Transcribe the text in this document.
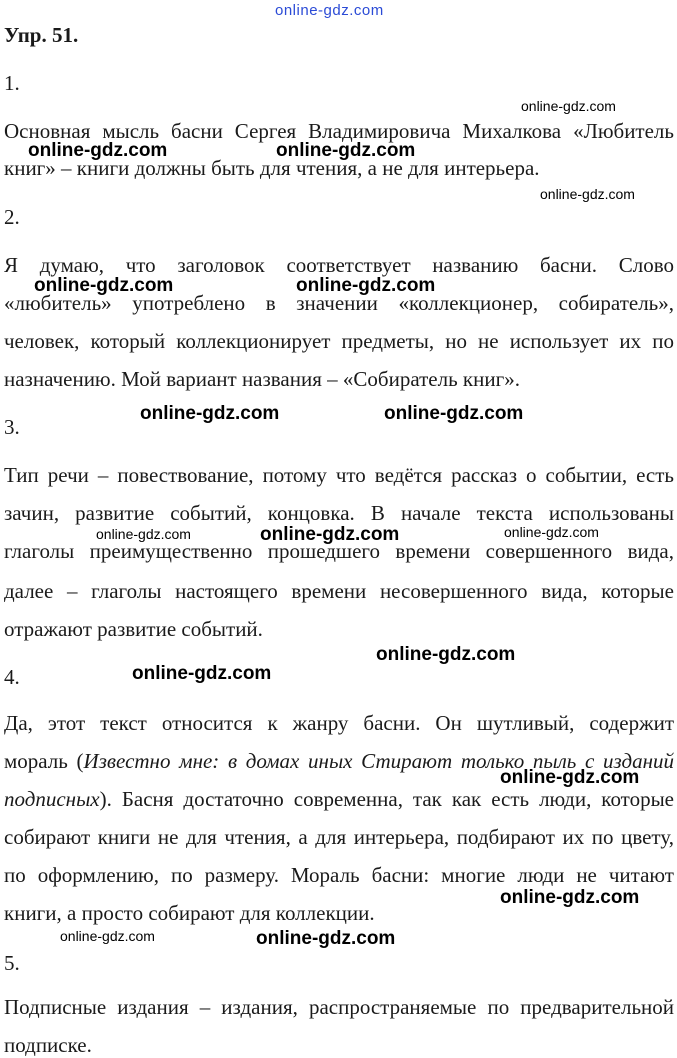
online-gdz.com
Упр. 51.
1.
Основная мысль басни Сергея Владимировича Михалкова «Любитель
книг» – книги должны быть для чтения, а не для интерьера.
2.
Я думаю, что заголовок соответствует названию басни. Слово
«любитель» употреблено в значении «коллекционер, собиратель»,
человек, который коллекционирует предметы, но не использует их по
назначению. Мой вариант названия – «Собиратель книг».
3.
Тип речи – повествование, потому что ведётся рассказ о событии, есть
зачин, развитие событий, концовка. В начале текста использованы
глаголы преимущественно прошедшего времени совершенного вида,
далее – глаголы настоящего времени несовершенного вида, которые
отражают развитие событий.
4.
Да, этот текст относится к жанру басни. Он шутливый, содержит
мораль (Известно мне: в домах иных Стирают только пыль с изданий
подписных). Басня достаточно современна, так как есть люди, которые
собирают книги не для чтения, а для интерьера, подбирают их по цвету,
по оформлению, по размеру. Мораль басни: многие люди не читают
книги, а просто собирают для коллекции.
5.
Подписные издания – издания, распространяемые по предварительной
подписке.
online-gdz.com
online-gdz.com	online-gdz.com
online-gdz.com
online-gdz.com	online-gdz.com
online-gdz.com	online-gdz.com
online-gdz.com	online-gdz.com	online-gdz.com
online-gdz.com
online-gdz.com
online-gdz.com
online-gdz.com
online-gdz.com	online-gdz.com
